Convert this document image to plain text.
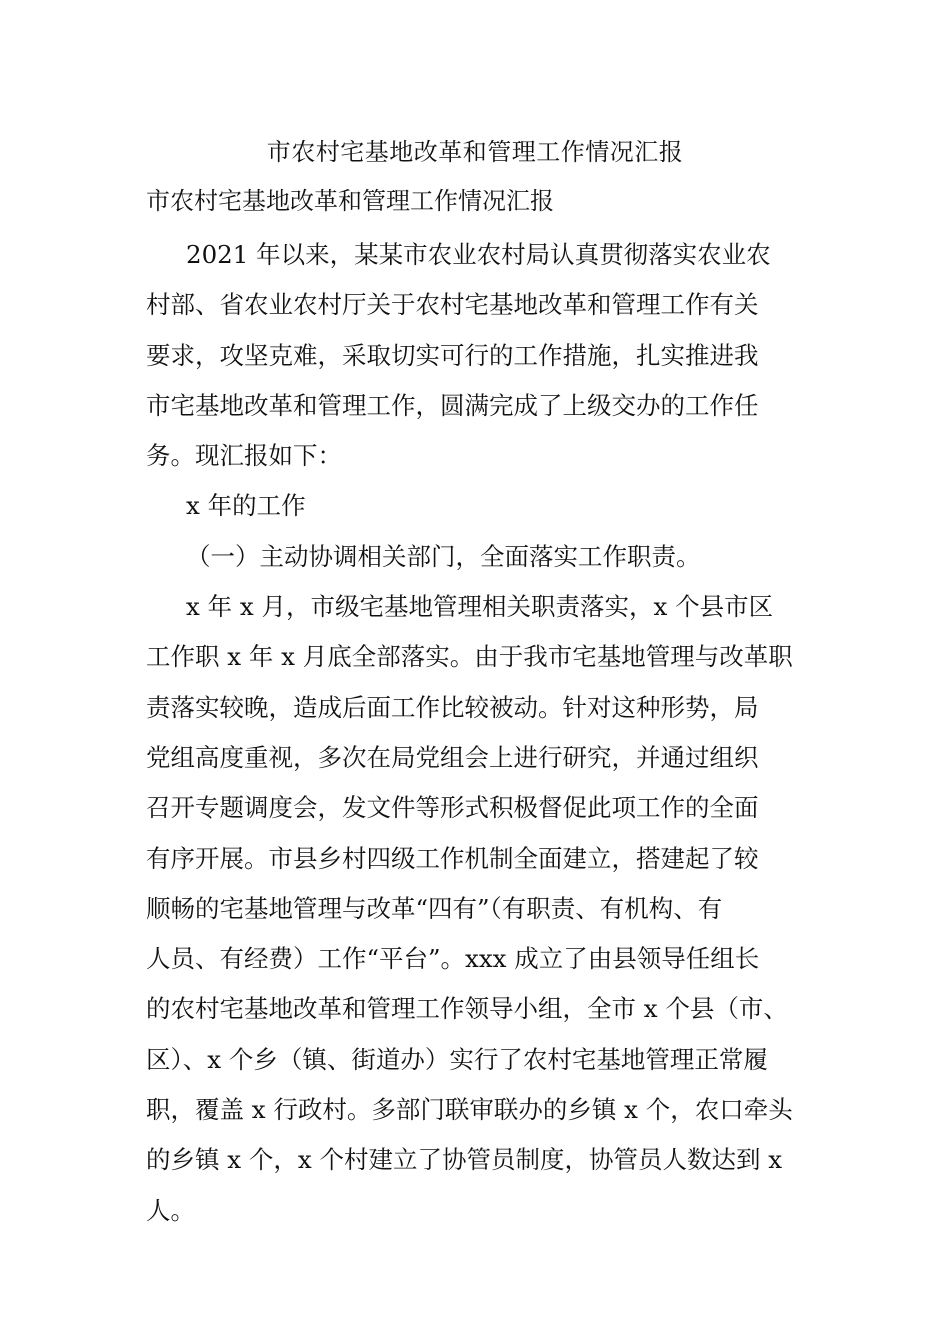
市农村宅基地改革和管理工作情况汇报
市农村宅基地改革和管理工作情况汇报

2021 年以来，某某市农业农村局认真贯彻落实农业农

村部、省农业农村厅关于农村宅基地改革和管理工作有关

要求，攻坚克难，采取切实可行的工作措施，扎实推进我

市宅基地改革和管理工作，圆满完成了上级交办的工作任

务。现汇报如下：

x 年的工作

（一）主动协调相关部门，全面落实工作职责。

x 年 x 月，市级宅基地管理相关职责落实，x 个县市区

工作职 x 年 x 月底全部落实。由于我市宅基地管理与改革职

责落实较晚，造成后面工作比较被动。针对这种形势，局

党组高度重视，多次在局党组会上进行研究，并通过组织

召开专题调度会，发文件等形式积极督促此项工作的全面

有序开展。市县乡村四级工作机制全面建立，搭建起了较

顺畅的宅基地管理与改革“四有”（有职责、有机构、有

人员、有经费）工作“平台”。xxx 成立了由县领导任组长

的农村宅基地改革和管理工作领导小组，全市 x 个县（市、

区）、x 个乡（镇、街道办）实行了农村宅基地管理正常履

职，覆盖 x 行政村。多部门联审联办的乡镇 x 个，农口牵头

的乡镇 x 个，x 个村建立了协管员制度，协管员人数达到 x

人。
